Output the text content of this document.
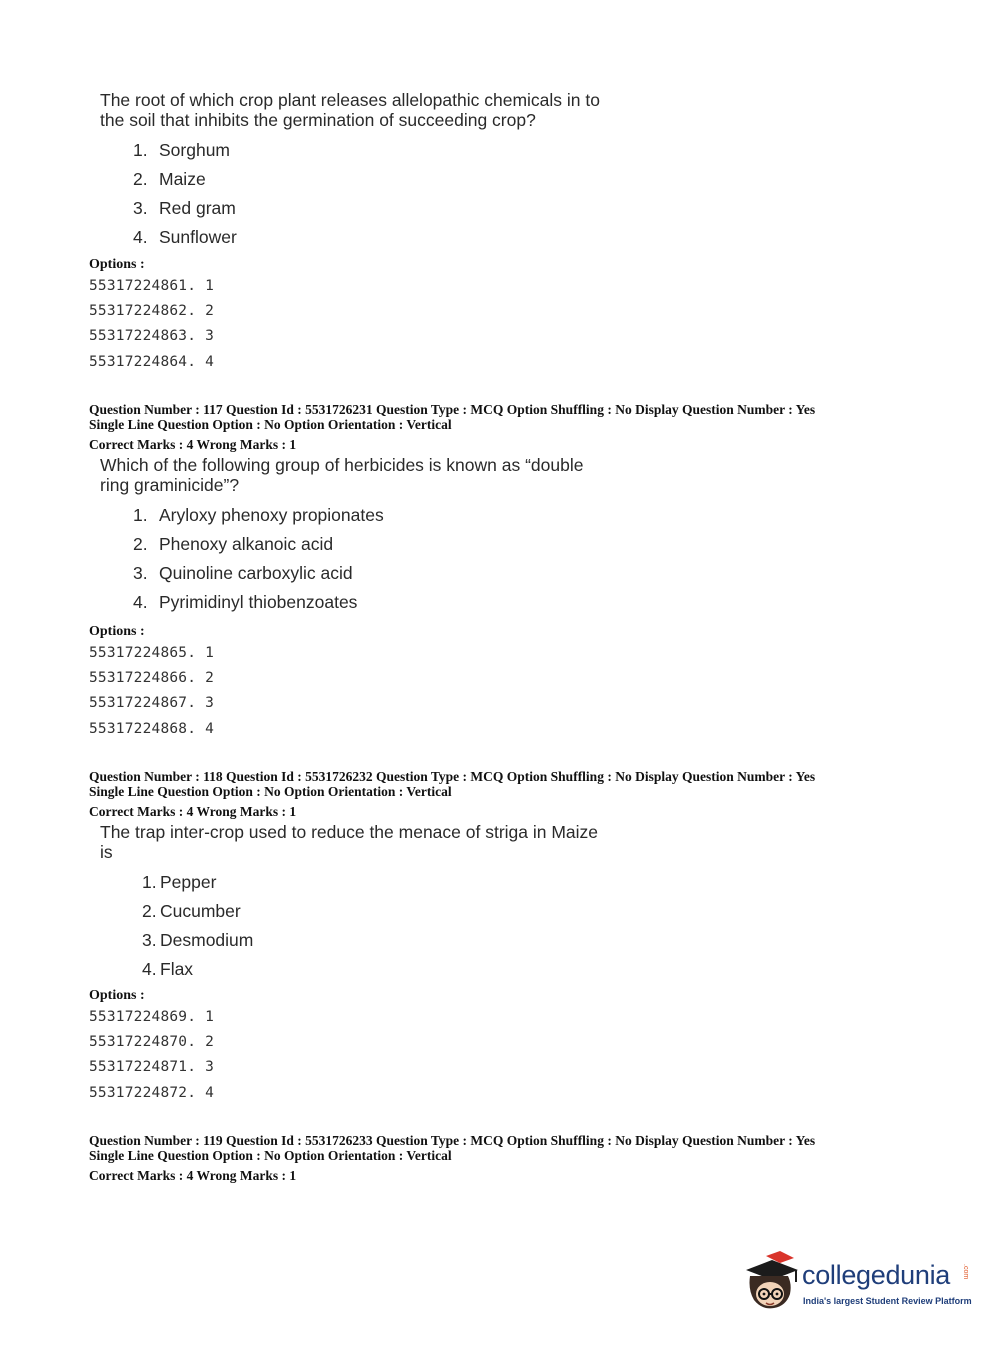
The root of which crop plant releases allelopathic chemicals in to
the soil that inhibits the germination of succeeding crop?
1. Sorghum
2. Maize
3. Red gram
4. Sunflower
Options :
55317224861. 1
55317224862. 2
55317224863. 3
55317224864. 4
Question Number : 117 Question Id : 5531726231 Question Type : MCQ Option Shuffling : No Display Question Number : Yes
Single Line Question Option : No Option Orientation : Vertical
Correct Marks : 4 Wrong Marks : 1
Which of the following group of herbicides is known as “double
ring graminicide”?
1. Aryloxy phenoxy propionates
2. Phenoxy alkanoic acid
3. Quinoline carboxylic acid
4. Pyrimidinyl thiobenzoates
Options :
55317224865. 1
55317224866. 2
55317224867. 3
55317224868. 4
Question Number : 118 Question Id : 5531726232 Question Type : MCQ Option Shuffling : No Display Question Number : Yes
Single Line Question Option : No Option Orientation : Vertical
Correct Marks : 4 Wrong Marks : 1
The trap inter-crop used to reduce the menace of striga in Maize
is
1. Pepper
2. Cucumber
3. Desmodium
4. Flax
Options :
55317224869. 1
55317224870. 2
55317224871. 3
55317224872. 4
Question Number : 119 Question Id : 5531726233 Question Type : MCQ Option Shuffling : No Display Question Number : Yes
Single Line Question Option : No Option Orientation : Vertical
Correct Marks : 4 Wrong Marks : 1
collegedunia .com
India's largest Student Review Platform
